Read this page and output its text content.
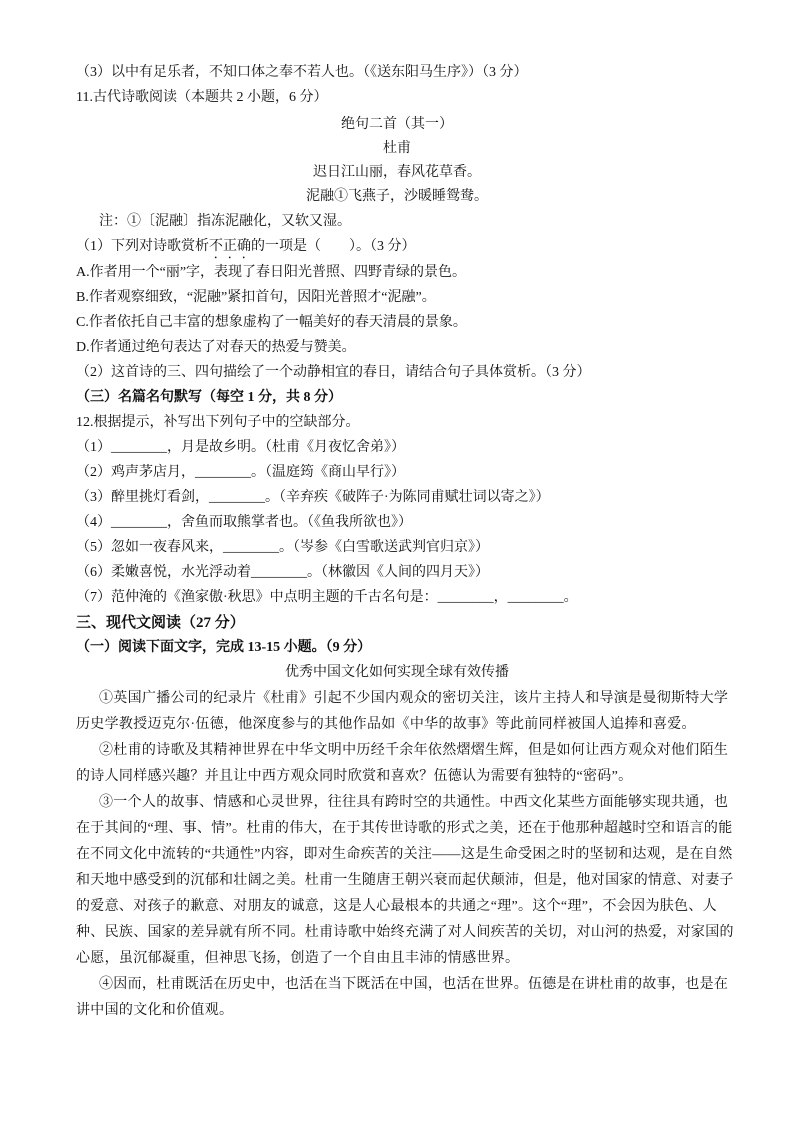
（3）以中有足乐者，不知口体之奉不若人也。（《送东阳马生序》）（3 分）
11.古代诗歌阅读（本题共 2 小题，6 分）
绝句二首（其一）
杜甫
迟日江山丽，春风花草香。
泥融①飞燕子，沙暖睡鸳鸯。
注：①〔泥融〕指冻泥融化，又软又湿。
（1）下列对诗歌赏析不正确的一项是（　　）。（3 分）
A.作者用一个“丽”字，表现了春日阳光普照、四野青绿的景色。
B.作者观察细致，“泥融”紧扣首句，因阳光普照才“泥融”。
C.作者依托自己丰富的想象虚构了一幅美好的春天清晨的景象。
D.作者通过绝句表达了对春天的热爱与赞美。
（2）这首诗的三、四句描绘了一个动静相宜的春日，请结合句子具体赏析。（3 分）
（三）名篇名句默写（每空 1 分，共 8 分）
12.根据提示，补写出下列句子中的空缺部分。
（1）________，月是故乡明。（杜甫《月夜忆舍弟》）
（2）鸡声茅店月，________。（温庭筠《商山早行》）
（3）醉里挑灯看剑，________。（辛弃疾《破阵子·为陈同甫赋壮词以寄之》）
（4）________，舍鱼而取熊掌者也。（《鱼我所欲也》）
（5）忽如一夜春风来，________。（岑参《白雪歌送武判官归京》）
（6）柔嫩喜悦，水光浮动着________。（林徽因《人间的四月天》）
（7）范仲淹的《渔家傲·秋思》中点明主题的千古名句是：________，________。
三、现代文阅读（27 分）
（一）阅读下面文字，完成 13-15 小题。（9 分）
优秀中国文化如何实现全球有效传播
①英国广播公司的纪录片《杜甫》引起不少国内观众的密切关注，该片主持人和导演是曼彻斯特大学
历史学教授迈克尔·伍德，他深度参与的其他作品如《中华的故事》等此前同样被国人追捧和喜爱。
②杜甫的诗歌及其精神世界在中华文明中历经千余年依然熠熠生辉，但是如何让西方观众对他们陌生
的诗人同样感兴趣？并且让中西方观众同时欣赏和喜欢？伍德认为需要有独特的“密码”。
③一个人的故事、情感和心灵世界，往往具有跨时空的共通性。中西文化某些方面能够实现共通，也
在于其间的“理、事、情”。杜甫的伟大，在于其传世诗歌的形式之美，还在于他那种超越时空和语言的能
在不同文化中流转的“共通性”内容，即对生命疾苦的关注——这是生命受困之时的坚韧和达观，是在自然
和天地中感受到的沉郁和壮阔之美。杜甫一生随唐王朝兴衰而起伏颠沛，但是，他对国家的情意、对妻子
的爱意、对孩子的歉意、对朋友的诚意，这是人心最根本的共通之“理”。这个“理”，不会因为肤色、人
种、民族、国家的差异就有所不同。杜甫诗歌中始终充满了对人间疾苦的关切，对山河的热爱，对家国的
心愿，虽沉郁凝重，但神思飞扬，创造了一个自由且丰沛的情感世界。
④因而，杜甫既活在历史中，也活在当下既活在中国，也活在世界。伍德是在讲杜甫的故事，也是在
讲中国的文化和价值观。
